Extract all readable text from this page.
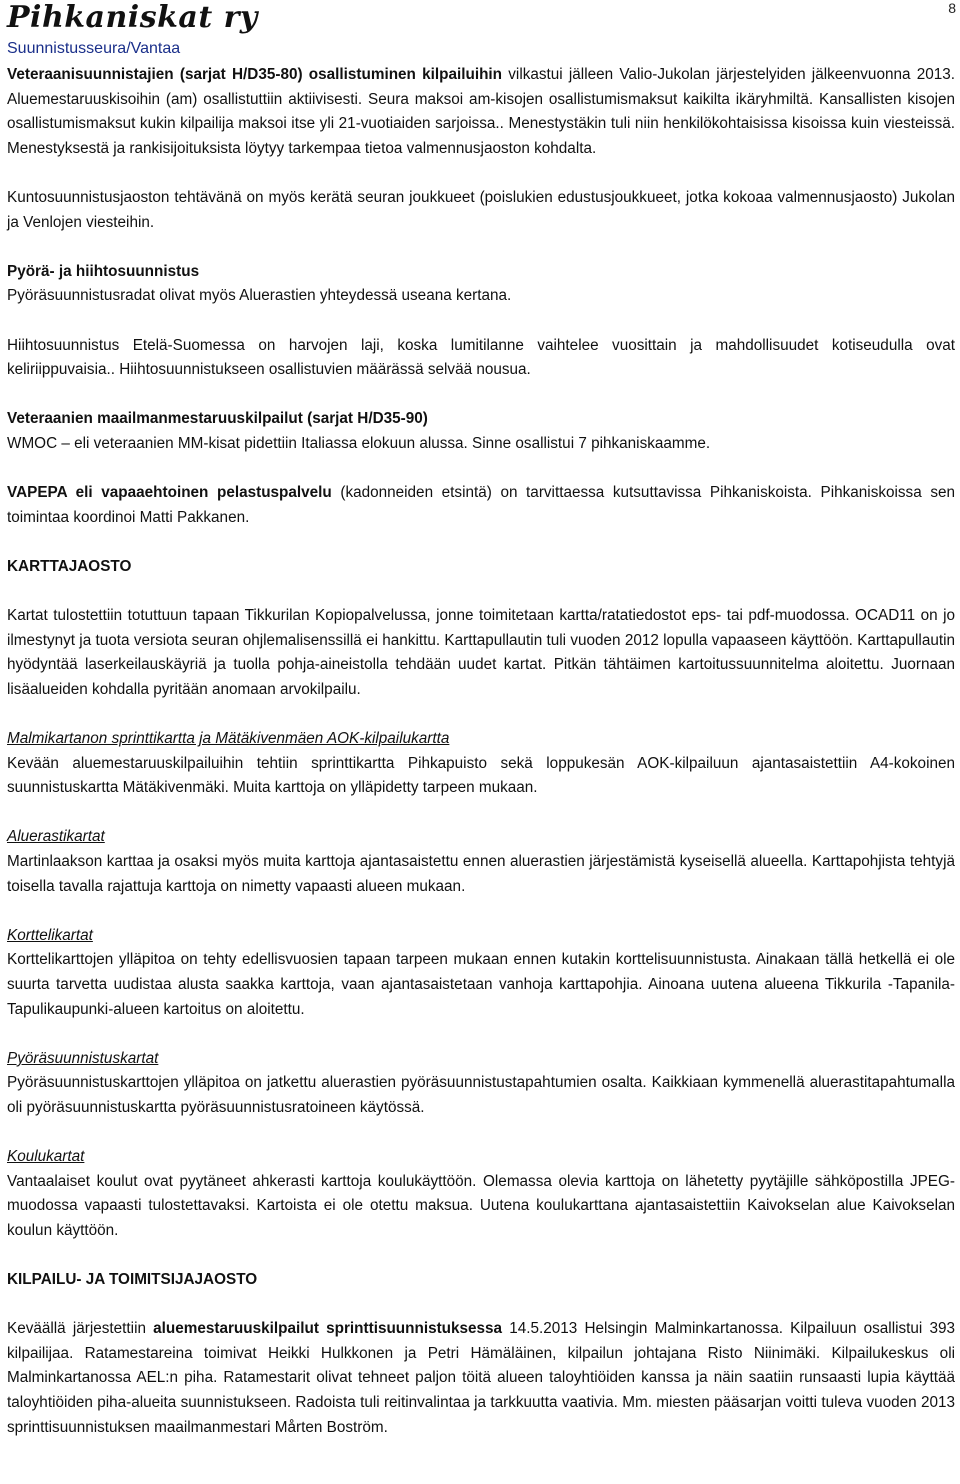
Pihkaniskat ry	8
Suunnistusseura/Vantaa

Veteraanisuunnistajien (sarjat H/D35-80) osallistuminen kilpailuihin vilkastui jälleen Valio-Jukolan järjestelyiden jälkeenvuonna 2013. Aluemestaruuskisoihin (am) osallistuttiin aktiivisesti. Seura maksoi am-kisojen osallistumismaksut kaikilta ikäryhmiltä. Kansallisten kisojen osallistumismaksut kukin kilpailija maksoi itse yli 21-vuotiaiden sarjoissa.. Menestystäkin tuli niin henkilökohtaisissa kisoissa kuin viesteissä. Menestyksestä ja rankisijoituksista löytyy tarkempaa tietoa valmennusjaoston kohdalta.

Kuntosuunnistusjaoston tehtävänä on myös kerätä seuran joukkueet (poislukien edustusjoukkueet, jotka kokoaa valmennusjaosto) Jukolan ja Venlojen viesteihin.

Pyörä- ja hiihtosuunnistus

Pyöräsuunnistusradat olivat myös Aluerastien yhteydessä useana kertana.

Hiihtosuunnistus Etelä-Suomessa on harvojen laji, koska lumitilanne vaihtelee vuosittain ja mahdollisuudet kotiseudulla ovat keliriippuvaisia.. Hiihtosuunnistukseen osallistuvien määrässä selvää nousua.

Veteraanien maailmanmestaruuskilpailut (sarjat H/D35-90)

WMOC – eli veteraanien MM-kisat pidettiin Italiassa elokuun alussa. Sinne osallistui 7 pihkaniskaamme.

VAPEPA eli vapaaehtoinen pelastuspalvelu (kadonneiden etsintä) on tarvittaessa kutsuttavissa Pihkaniskoista. Pihkaniskoissa sen toimintaa koordinoi Matti Pakkanen.

KARTTAJAOSTO

Kartat tulostettiin totuttuun tapaan Tikkurilan Kopiopalvelussa, jonne toimitetaan kartta/ratatiedostot eps- tai pdf-muodossa. OCAD11 on jo ilmestynyt ja tuota versiota seuran ohjlemalisenssillä ei hankittu. Karttapullautin tuli vuoden 2012 lopulla vapaaseen käyttöön. Karttapullautin hyödyntää laserkeilauskäyriä ja tuolla pohja-aineistolla tehdään uudet kartat. Pitkän tähtäimen kartoitussuunnitelma aloitettu. Juornaan lisäalueiden kohdalla pyritään anomaan arvokilpailu.

Malmikartanon sprinttikartta ja Mätäkivenmäen AOK-kilpailukartta

Kevään aluemestaruuskilpailuihin tehtiin sprinttikartta Pihkapuisto sekä loppukesän AOK-kilpailuun ajantasaistettiin A4-kokoinen suunnistuskartta Mätäkivenmäki. Muita karttoja on ylläpidetty tarpeen mukaan.

Aluerastikartat

Martinlaakson karttaa ja osaksi myös muita karttoja ajantasaistettu ennen aluerastien järjestämistä kyseisellä alueella. Karttapohjista tehtyjä toisella tavalla rajattuja karttoja on nimetty vapaasti alueen mukaan.

Korttelikartat

Korttelikarttojen ylläpitoa on tehty edellisvuosien tapaan tarpeen mukaan ennen kutakin korttelisuunnistusta. Ainakaan tällä hetkellä ei ole suurta tarvetta uudistaa alusta saakka karttoja, vaan ajantasaistetaan vanhoja karttapohjia. Ainoana uutena alueena Tikkurila -Tapanila- Tapulikaupunki-alueen kartoitus on aloitettu.

Pyöräsuunnistuskartat

Pyöräsuunnistuskarttojen ylläpitoa on jatkettu aluerastien pyöräsuunnistustapahtumien osalta. Kaikkiaan kymmenellä aluerastitapahtumalla oli pyöräsuunnistuskartta pyöräsuunnistusratoineen käytössä.

Koulukartat

Vantaalaiset koulut ovat pyytäneet ahkerasti karttoja koulukäyttöön. Olemassa olevia karttoja on lähetetty pyytäjille sähköpostilla JPEG-muodossa vapaasti tulostettavaksi. Kartoista ei ole otettu maksua. Uutena koulukarttana ajantasaistettiin Kaivokselan alue Kaivokselan koulun käyttöön.

KILPAILU- JA TOIMITSIJAJAOSTO

Keväällä järjestettiin aluemestaruuskilpailut sprinttisuunnistuksessa 14.5.2013 Helsingin Malminkartanossa. Kilpailuun osallistui 393 kilpailijaa. Ratamestareina toimivat Heikki Hulkkonen ja Petri Hämäläinen, kilpailun johtajana Risto Niinimäki. Kilpailukeskus oli Malminkartanossa AEL:n piha. Ratamestarit olivat tehneet paljon töitä alueen taloyhtiöiden kanssa ja näin saatiin runsaasti lupia käyttää taloyhtiöiden piha-alueita suunnistukseen. Radoista tuli reitinvalintaa ja tarkkuutta vaativia. Mm. miesten pääsarjan voitti tuleva vuoden 2013 sprinttisuunnistuksen maailmanmestari Mårten Boström.
